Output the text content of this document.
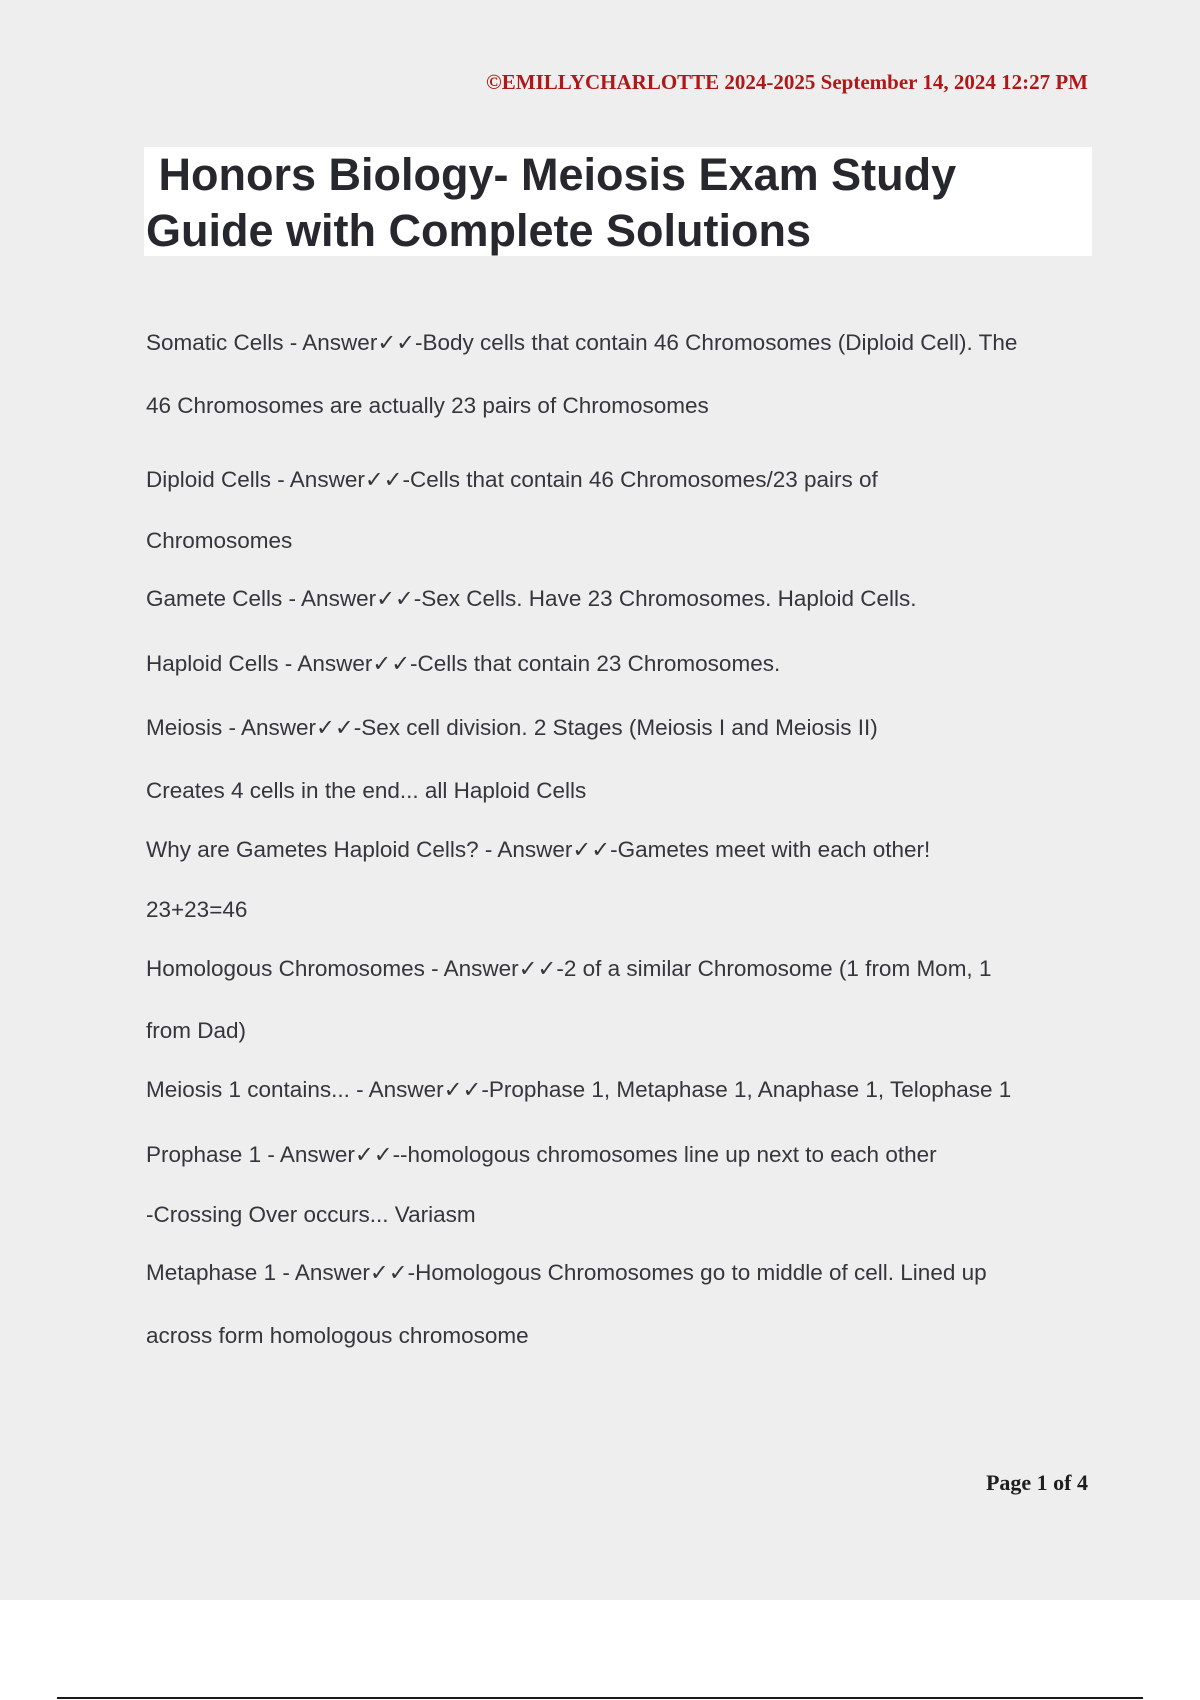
©EMILLYCHARLOTTE 2024-2025 September 14, 2024 12:27 PM
Honors Biology- Meiosis Exam Study
Guide with Complete Solutions
Somatic Cells - Answer✓✓-Body cells that contain 46 Chromosomes (Diploid Cell). The
46 Chromosomes are actually 23 pairs of Chromosomes
Diploid Cells - Answer✓✓-Cells that contain 46 Chromosomes/23 pairs of
Chromosomes
Gamete Cells - Answer✓✓-Sex Cells. Have 23 Chromosomes. Haploid Cells.
Haploid Cells - Answer✓✓-Cells that contain 23 Chromosomes.
Meiosis - Answer✓✓-Sex cell division. 2 Stages (Meiosis I and Meiosis II)
Creates 4 cells in the end... all Haploid Cells
Why are Gametes Haploid Cells? - Answer✓✓-Gametes meet with each other!
23+23=46
Homologous Chromosomes - Answer✓✓-2 of a similar Chromosome (1 from Mom, 1
from Dad)
Meiosis 1 contains... - Answer✓✓-Prophase 1, Metaphase 1, Anaphase 1, Telophase 1
Prophase 1 - Answer✓✓--homologous chromosomes line up next to each other
-Crossing Over occurs... Variasm
Metaphase 1 - Answer✓✓-Homologous Chromosomes go to middle of cell. Lined up
across form homologous chromosome
Page 1 of 4
